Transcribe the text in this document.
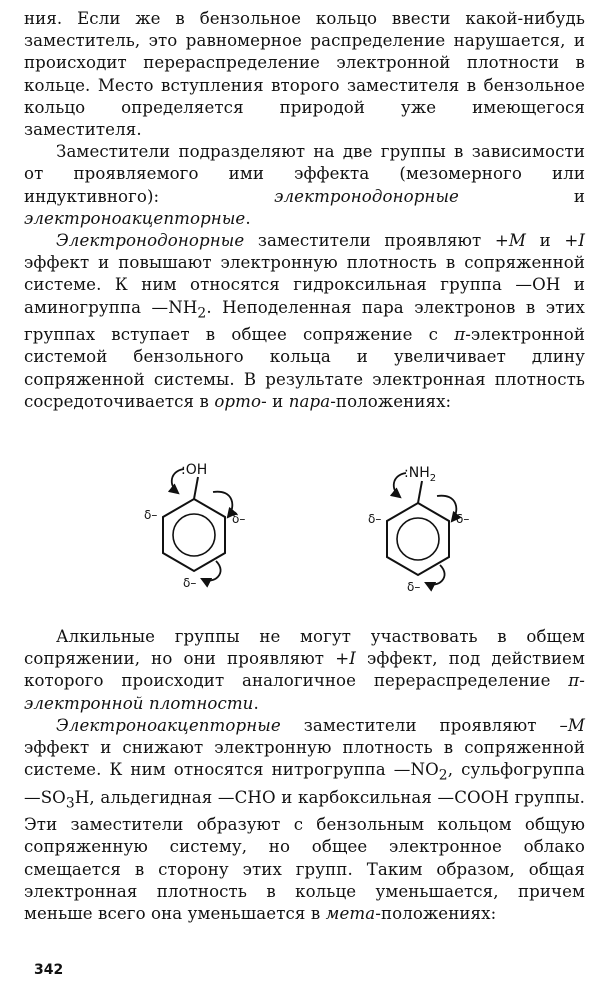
ния. Если же в бензольное кольцо ввести какой-нибудь заместитель, это равномерное распределение нарушается, и происходит перераспределение электронной плотности в кольце. Место вступления второго заместителя в бензольное кольцо определяется природой уже имеющегося заместителя.

Заместители подразделяют на две группы в зависимости от проявляемого ими эффекта (мезомерного или индуктивного): электронодонорные и электроноакцепторные.

Электронодонорные заместители проявляют +M и +I эффект и повышают электронную плотность в сопряженной системе. К ним относятся гидроксильная группа —OH и аминогруппа $—NH_2$. Неподеленная пара электронов в этих группах вступает в общее сопряжение с π-электронной системой бензольного кольца и увеличивает длину сопряженной системы. В результате электронная плотность сосредоточивается в орто- и пара-положениях:

:OH
δ–	δ–
δ–
$:NH_2$
δ–	δ–
δ–

Алкильные группы не могут участвовать в общем сопряжении, но они проявляют +I эффект, под действием которого происходит аналогичное перераспределение π-электронной плотности.

Электроноакцепторные заместители проявляют –M эффект и снижают электронную плотность в сопряженной системе. К ним относятся нитрогруппа $—NO_2$, сульфогруппа $—SO_3H$, альдегидная —CHO и карбоксильная —COOH группы. Эти заместители образуют с бензольным кольцом общую сопряженную систему, но общее электронное облако смещается в сторону этих групп. Таким образом, общая электронная плотность в кольце уменьшается, причем меньше всего она уменьшается в мета-положениях:

342
